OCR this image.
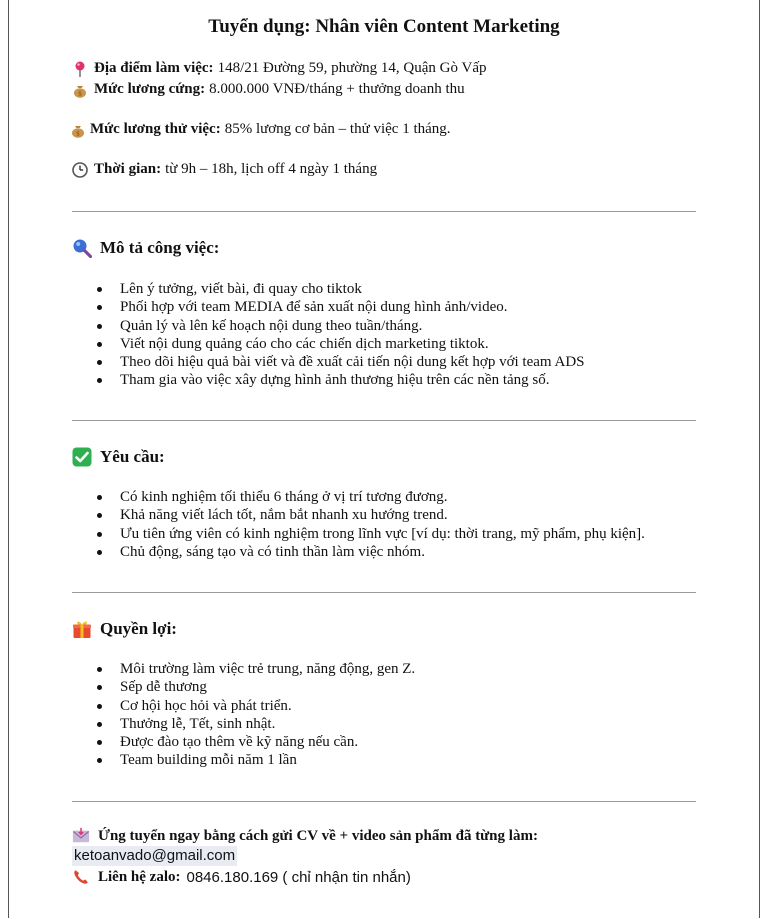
Tuyển dụng: Nhân viên Content Marketing
Địa điểm làm việc: 148/21 Đường 59, phường 14, Quận Gò Vấp
$ Mức lương cứng: 8.000.000 VNĐ/tháng + thưởng doanh thu
$ Mức lương thử việc: 85% lương cơ bản – thử việc 1 tháng.
Thời gian: từ 9h – 18h, lịch off 4 ngày 1 tháng
Mô tả công việc:
Lên ý tưởng, viết bài, đi quay cho tiktok
Phối hợp với team MEDIA để sản xuất nội dung hình ảnh/video.
Quản lý và lên kế hoạch nội dung theo tuần/tháng.
Viết nội dung quảng cáo cho các chiến dịch marketing tiktok.
Theo dõi hiệu quả bài viết và đề xuất cải tiến nội dung kết hợp với team ADS
Tham gia vào việc xây dựng hình ảnh thương hiệu trên các nền tảng số.
Yêu cầu:
Có kinh nghiệm tối thiểu 6 tháng ở vị trí tương đương.
Khả năng viết lách tốt, nắm bắt nhanh xu hướng trend.
Ưu tiên ứng viên có kinh nghiệm trong lĩnh vực [ví dụ: thời trang, mỹ phẩm, phụ kiện].
Chủ động, sáng tạo và có tinh thần làm việc nhóm.
Quyền lợi:
Môi trường làm việc trẻ trung, năng động, gen Z.
Sếp dễ thương
Cơ hội học hỏi và phát triển.
Thưởng lễ, Tết, sinh nhật.
Được đào tạo thêm về kỹ năng nếu cần.
Team building mỗi năm 1 lần
Ứng tuyển ngay bằng cách gửi CV về + video sản phẩm đã từng làm:
ketoanvado@gmail.com
Liên hệ zalo: 0846.180.169 ( chỉ nhận tin nhắn)
